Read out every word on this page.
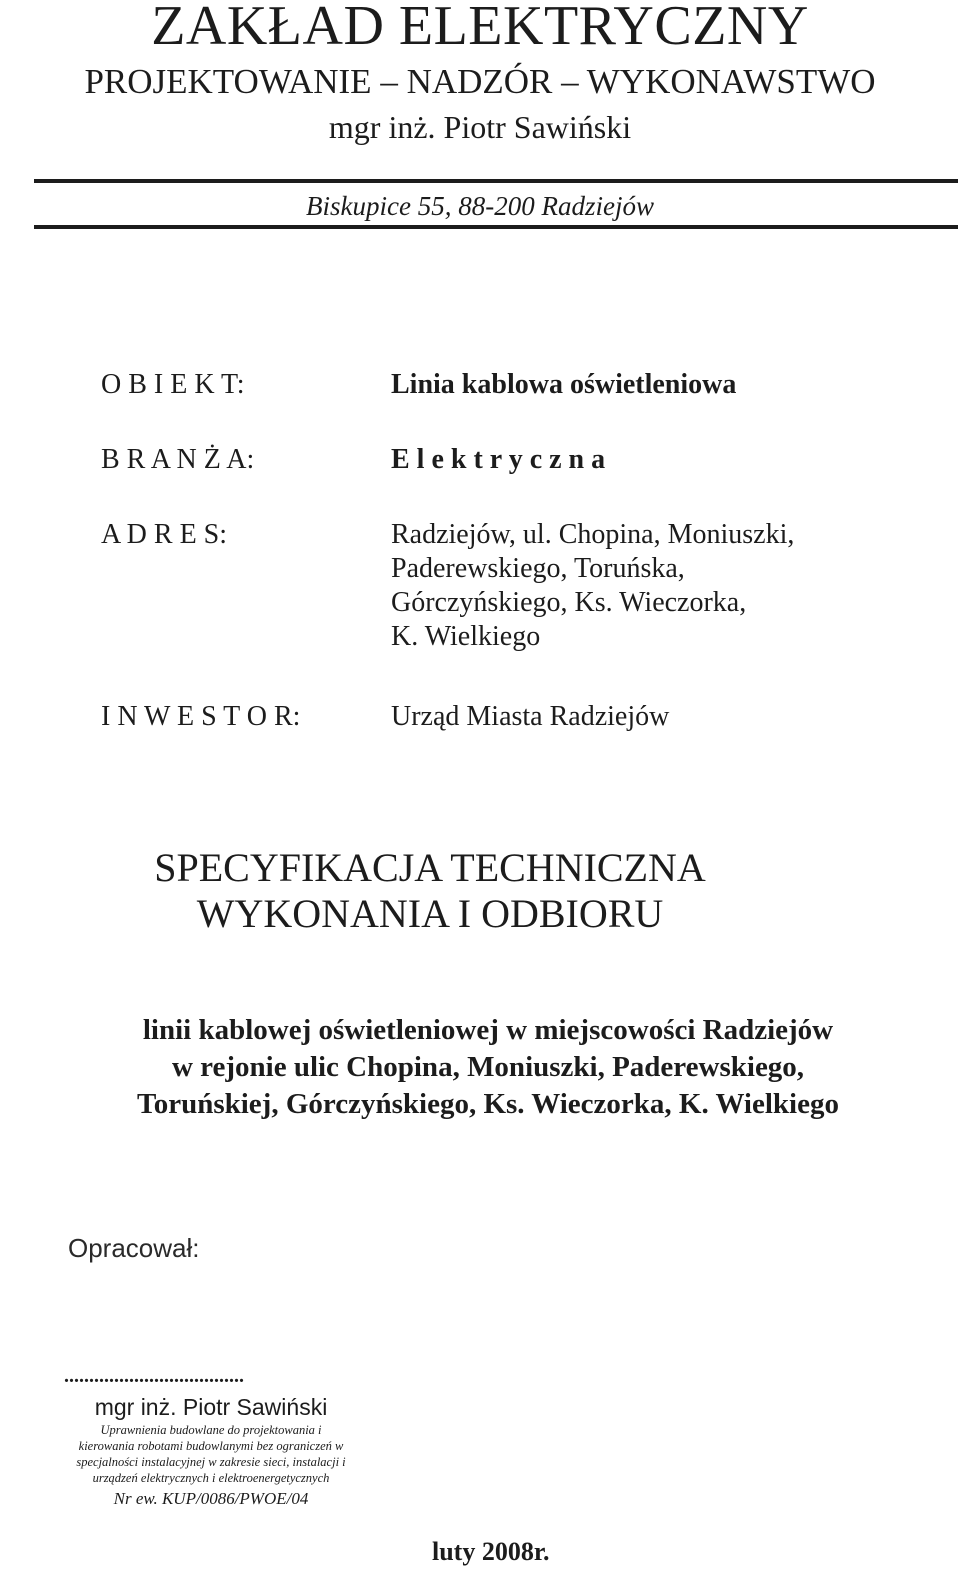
ZAKŁAD ELEKTRYCZNY
PROJEKTOWANIE – NADZÓR – WYKONAWSTWO
mgr inż. Piotr Sawiński
Biskupice 55, 88-200 Radziejów
O B I E K T:	Linia kablowa oświetleniowa
B R A N Ż A:	E l e k t r y c z n a
A D R E S:	Radziejów, ul. Chopina, Moniuszki,
Paderewskiego, Toruńska,
Górczyńskiego, Ks. Wieczorka,
K. Wielkiego
I N W E S T O R:	Urząd Miasta Radziejów
SPECYFIKACJA TECHNICZNA
WYKONANIA I ODBIORU
linii kablowej oświetleniowej w miejscowości Radziejów
w rejonie ulic Chopina, Moniuszki, Paderewskiego,
Toruńskiej, Górczyńskiego, Ks. Wieczorka, K. Wielkiego
Opracował:
....................................
mgr inż. Piotr Sawiński
Uprawnienia budowlane do projektowania i
kierowania robotami budowlanymi bez ograniczeń w
specjalności instalacyjnej w zakresie sieci, instalacji i
urządzeń elektrycznych i elektroenergetycznych
Nr ew. KUP/0086/PWOE/04
luty 2008r.
